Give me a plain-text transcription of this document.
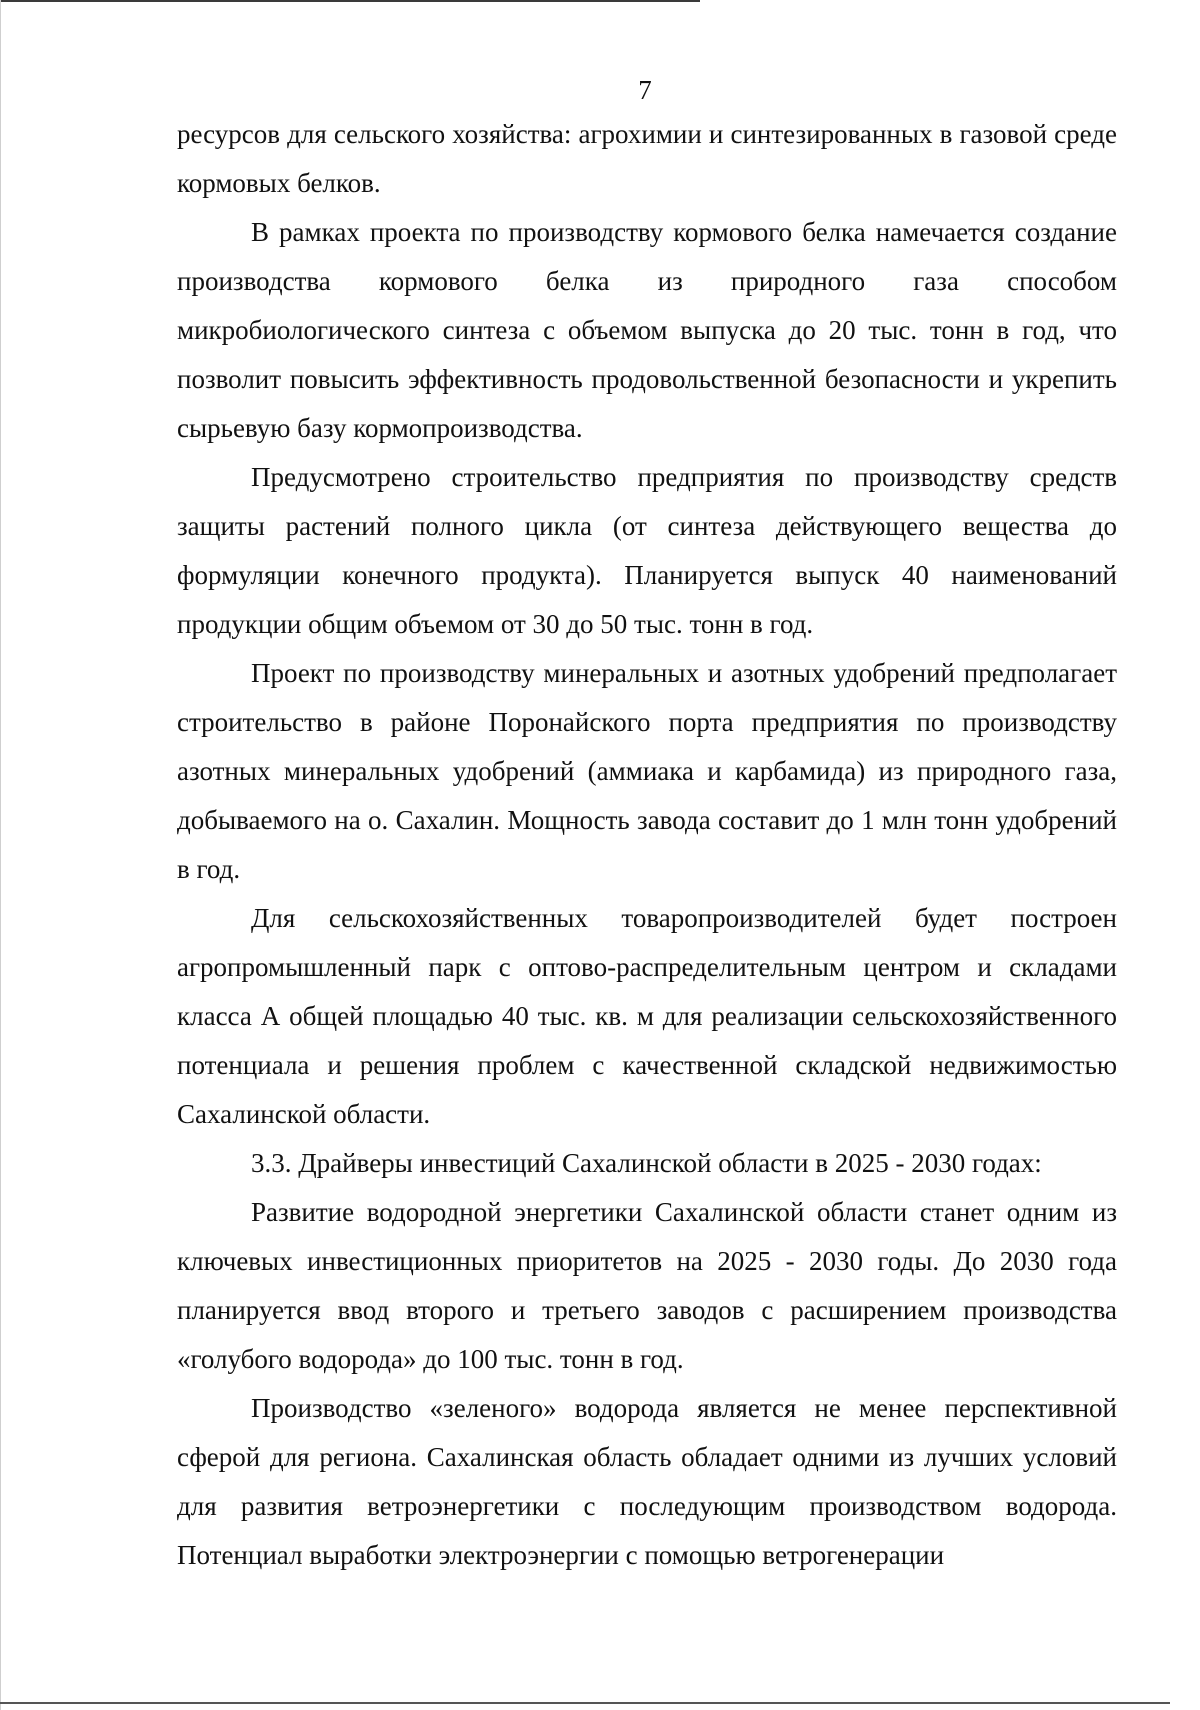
7

ресурсов для сельского хозяйства: агрохимии и синтезированных в газовой среде кормовых белков.

В рамках проекта по производству кормового белка намечается создание производства кормового белка из природного газа способом микробиологического синтеза с объемом выпуска до 20 тыс. тонн в год, что позволит повысить эффективность продовольственной безопасности и укрепить сырьевую базу кормопроизводства.

Предусмотрено строительство предприятия по производству средств защиты растений полного цикла (от синтеза действующего вещества до формуляции конечного продукта). Планируется выпуск 40 наименований продукции общим объемом от 30 до 50 тыс. тонн в год.

Проект по производству минеральных и азотных удобрений предполагает строительство в районе Поронайского порта предприятия по производству азотных минеральных удобрений (аммиака и карбамида) из природного газа, добываемого на о. Сахалин. Мощность завода составит до 1 млн тонн удобрений в год.

Для сельскохозяйственных товаропроизводителей будет построен агропромышленный парк с оптово-распределительным центром и складами класса А общей площадью 40 тыс. кв. м для реализации сельскохозяйственного потенциала и решения проблем с качественной складской недвижимостью Сахалинской области.

3.3. Драйверы инвестиций Сахалинской области в 2025 - 2030 годах:

Развитие водородной энергетики Сахалинской области станет одним из ключевых инвестиционных приоритетов на 2025 - 2030 годы. До 2030 года планируется ввод второго и третьего заводов с расширением производства «голубого водорода» до 100 тыс. тонн в год.

Производство «зеленого» водорода является не менее перспективной сферой для региона. Сахалинская область обладает одними из лучших условий для развития ветроэнергетики с последующим производством водорода. Потенциал выработки электроэнергии с помощью ветрогенерации
